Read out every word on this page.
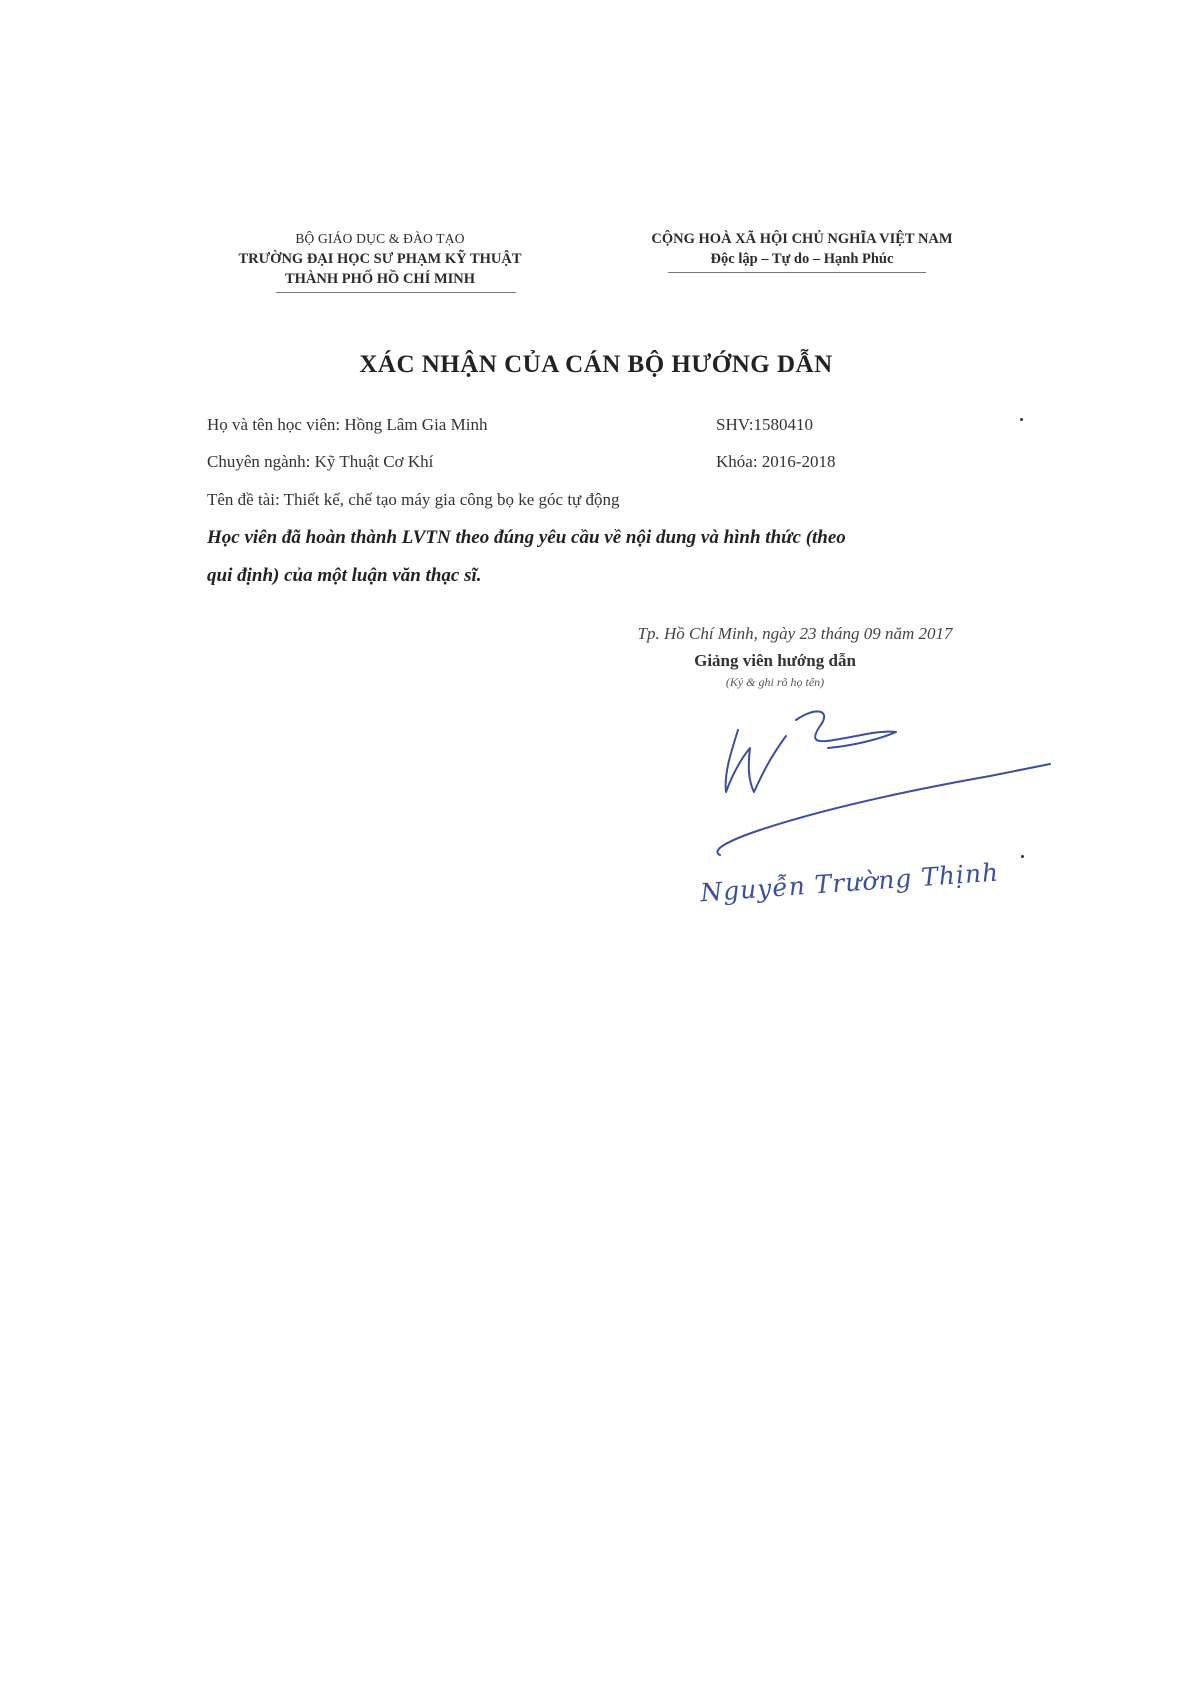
BỘ GIÁO DỤC & ĐÀO TẠO
TRƯỜNG ĐẠI HỌC SƯ PHẠM KỸ THUẬT
THÀNH PHỐ HỒ CHÍ MINH
CỘNG HOÀ XÃ HỘI CHỦ NGHĨA VIỆT NAM
Độc lập – Tự do – Hạnh Phúc
XÁC NHẬN CỦA CÁN BỘ HƯỚNG DẪN
Họ và tên học viên: Hồng Lâm Gia Minh	SHV:1580410
Chuyên ngành: Kỹ Thuật Cơ Khí	Khóa: 2016-2018
Tên đề tài: Thiết kế, chế tạo máy gia công bọ ke góc tự động
Học viên đã hoàn thành LVTN theo đúng yêu cầu về nội dung và hình thức (theo
qui định) của một luận văn thạc sĩ.
Tp. Hồ Chí Minh, ngày 23 tháng 09 năm 2017
Giảng viên hướng dẫn
(Ký & ghi rõ họ tên)
Nguyễn Trường Thịnh
